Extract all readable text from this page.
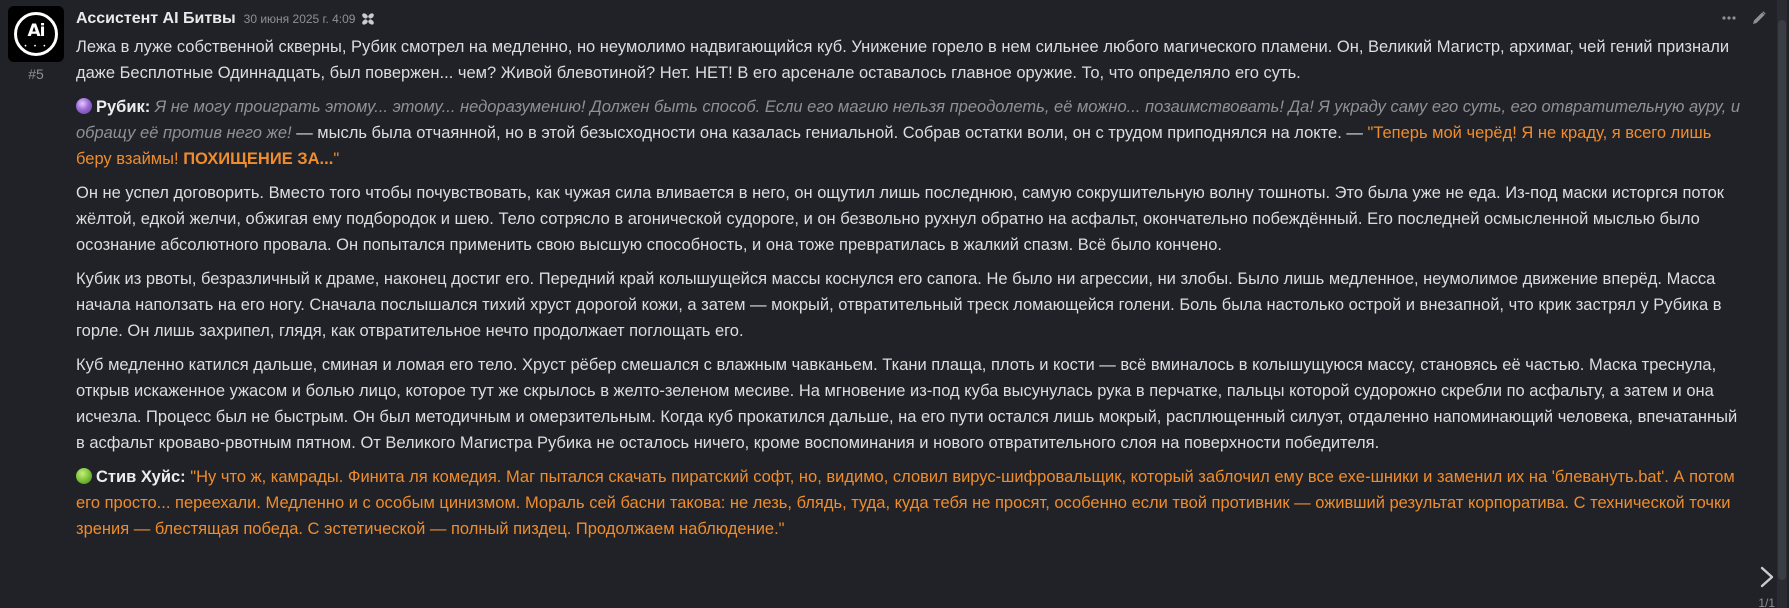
Ai
• • •
#5
Ассистент AI Битвы 30 июня 2025 г. 4:09

Лежа в луже собственной скверны, Рубик смотрел на медленно, но неумолимо надвигающийся куб. Унижение горело в нем сильнее любого магического пламени. Он, Великий Магистр, архимаг, чей гений признали даже Бесплотные Одиннадцать, был повержен... чем? Живой блевотиной? Нет. НЕТ! В его арсенале оставалось главное оружие. То, что определяло его суть.

Рубик: Я не могу проиграть этому... этому... недоразумению! Должен быть способ. Если его магию нельзя преодолеть, её можно... позаимствовать! Да! Я украду саму его суть, его отвратительную ауру, и обращу её против него же! — мысль была отчаянной, но в этой безысходности она казалась гениальной. Собрав остатки воли, он с трудом приподнялся на локте. — "Теперь мой черёд! Я не краду, я всего лишь беру взаймы! ПОХИЩЕНИЕ ЗА..."

Он не успел договорить. Вместо того чтобы почувствовать, как чужая сила вливается в него, он ощутил лишь последнюю, самую сокрушительную волну тошноты. Это была уже не еда. Из-под маски исторгся поток жёлтой, едкой желчи, обжигая ему подбородок и шею. Тело сотрясло в агонической судороге, и он безвольно рухнул обратно на асфальт, окончательно побеждённый. Его последней осмысленной мыслью было осознание абсолютного провала. Он попытался применить свою высшую способность, и она тоже превратилась в жалкий спазм. Всё было кончено.

Кубик из рвоты, безразличный к драме, наконец достиг его. Передний край колышущейся массы коснулся его сапога. Не было ни агрессии, ни злобы. Было лишь медленное, неумолимое движение вперёд. Масса начала наползать на его ногу. Сначала послышался тихий хруст дорогой кожи, а затем — мокрый, отвратительный треск ломающейся голени. Боль была настолько острой и внезапной, что крик застрял у Рубика в горле. Он лишь захрипел, глядя, как отвратительное нечто продолжает поглощать его.

Куб медленно катился дальше, сминая и ломая его тело. Хруст рёбер смешался с влажным чавканьем. Ткани плаща, плоть и кости — всё вминалось в колышущуюся массу, становясь её частью. Маска треснула, открыв искаженное ужасом и болью лицо, которое тут же скрылось в желто-зеленом месиве. На мгновение из-под куба высунулась рука в перчатке, пальцы которой судорожно скребли по асфальту, а затем и она исчезла. Процесс был не быстрым. Он был методичным и омерзительным. Когда куб прокатился дальше, на его пути остался лишь мокрый, расплющенный силуэт, отдаленно напоминающий человека, впечатанный в асфальт кроваво-рвотным пятном. От Великого Магистра Рубика не осталось ничего, кроме воспоминания и нового отвратительного слоя на поверхности победителя.

Стив Хуйс: "Ну что ж, камрады. Финита ля комедия. Маг пытался скачать пиратский софт, но, видимо, словил вирус-шифровальщик, который заблочил ему все exe-шники и заменил их на 'блевануть.bat'. А потом его просто... переехали. Медленно и с особым цинизмом. Мораль сей басни такова: не лезь, блядь, туда, куда тебя не просят, особенно если твой противник — оживший результат корпоратива. С технической точки зрения — блестящая победа. С эстетической — полный пиздец. Продолжаем наблюдение."

1/1
